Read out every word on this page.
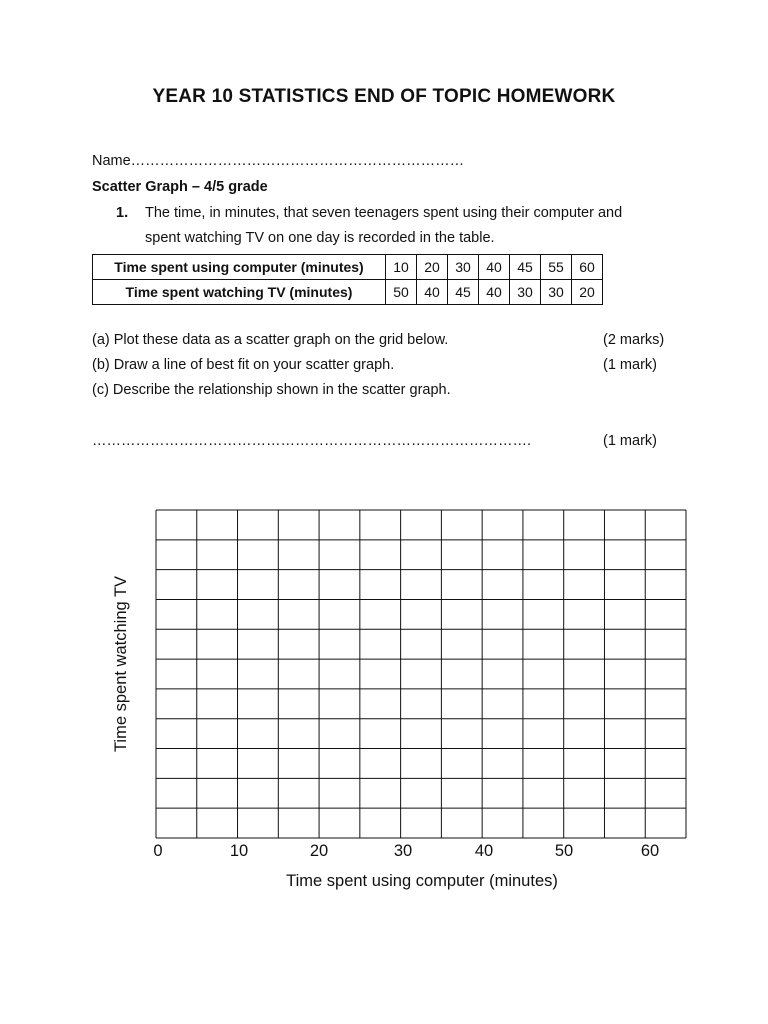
YEAR 10 STATISTICS END OF TOPIC HOMEWORK
Name……………………………………………………………
Scatter Graph – 4/5 grade
1. The time, in minutes, that seven teenagers spent using their computer and
spent watching TV on one day is recorded in the table.
Time spent using computer (minutes)	10	20	30	40	45	55	60
Time spent watching TV (minutes)	50	40	45	40	30	30	20
(a) Plot these data as a scatter graph on the grid below.	(2 marks)
(b) Draw a line of best fit on your scatter graph.	(1 mark)
(c) Describe the relationship shown in the scatter graph.
……………………………………………………………………………….	(1 mark)
0	10	20	30	40	50	60
Time spent using computer (minutes)
Time spent watching TV
